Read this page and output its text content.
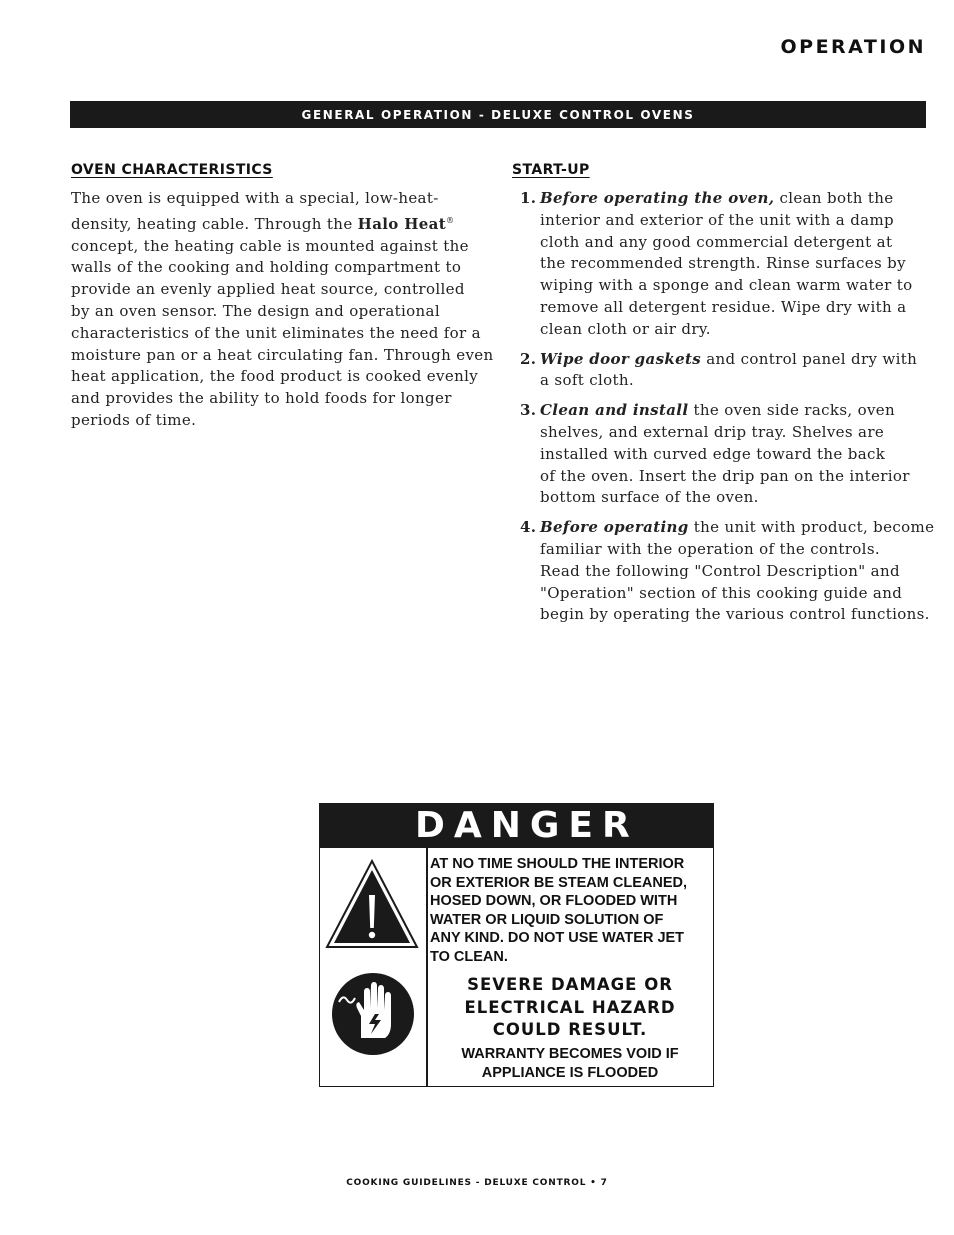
OPERATION
GENERAL OPERATION - DELUXE CONTROL OVENS
OVEN CHARACTERISTICS
The oven is equipped with a special, low-heat-
density, heating cable. Through the Halo Heat®
concept, the heating cable is mounted against the
walls of the cooking and holding compartment to
provide an evenly applied heat source, controlled
by an oven sensor. The design and operational
characteristics of the unit eliminates the need for a
moisture pan or a heat circulating fan. Through even
heat application, the food product is cooked evenly
and provides the ability to hold foods for longer
periods of time.
START-UP
1. Before operating the oven, clean both the
interior and exterior of the unit with a damp
cloth and any good commercial detergent at
the recommended strength. Rinse surfaces by
wiping with a sponge and clean warm water to
remove all detergent residue. Wipe dry with a
clean cloth or air dry.
2. Wipe door gaskets and control panel dry with
a soft cloth.
3. Clean and install the oven side racks, oven
shelves, and external drip tray. Shelves are
installed with curved edge toward the back
of the oven. Insert the drip pan on the interior
bottom surface of the oven.
4. Before operating the unit with product, become
familiar with the operation of the controls.
Read the following "Control Description" and
"Operation" section of this cooking guide and
begin by operating the various control functions.
DANGER
AT NO TIME SHOULD THE INTERIOR
OR EXTERIOR BE STEAM CLEANED,
HOSED DOWN, OR FLOODED WITH
WATER OR LIQUID SOLUTION OF
ANY KIND. DO NOT USE WATER JET
TO CLEAN.
SEVERE DAMAGE OR
ELECTRICAL HAZARD
COULD RESULT.
WARRANTY BECOMES VOID IF
APPLIANCE IS FLOODED
COOKING GUIDELINES - DELUXE CONTROL • 7
